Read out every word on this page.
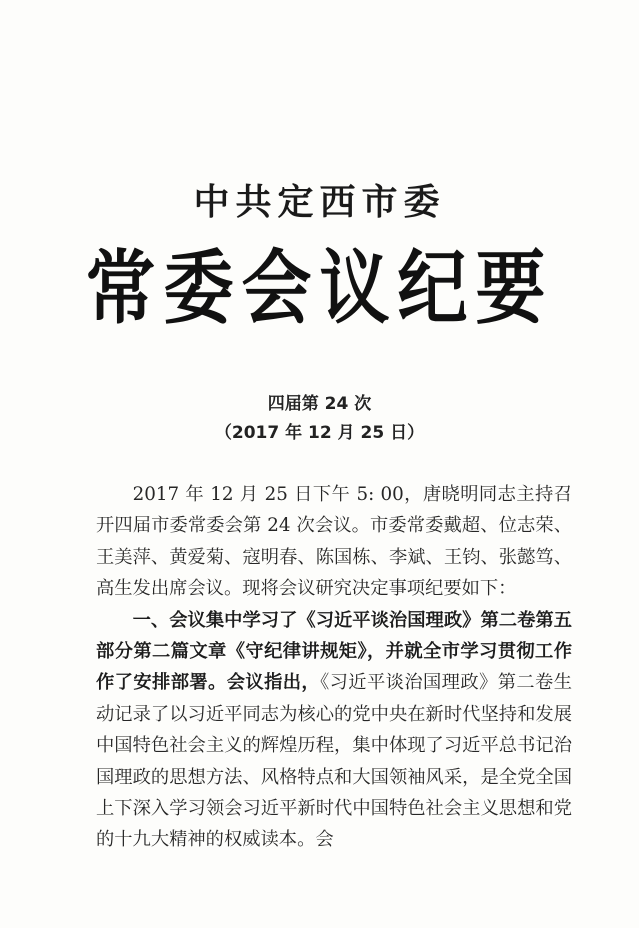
中共定西市委
常委会议纪要
四届第 24 次
（2017 年 12 月 25 日）

2017 年 12 月 25 日下午 5: 00，唐晓明同志主持召开四届市委常委会第 24 次会议。市委常委戴超、位志荣、王美萍、黄爱菊、寇明春、陈国栋、李斌、王钧、张懿笃、高生发出席会议。现将会议研究决定事项纪要如下：

一、会议集中学习了《习近平谈治国理政》第二卷第五部分第二篇文章《守纪律讲规矩》，并就全市学习贯彻工作作了安排部署。会议指出，《习近平谈治国理政》第二卷生动记录了以习近平同志为核心的党中央在新时代坚持和发展中国特色社会主义的辉煌历程，集中体现了习近平总书记治国理政的思想方法、风格特点和大国领袖风采，是全党全国上下深入学习领会习近平新时代中国特色社会主义思想和党的十九大精神的权威读本。会
